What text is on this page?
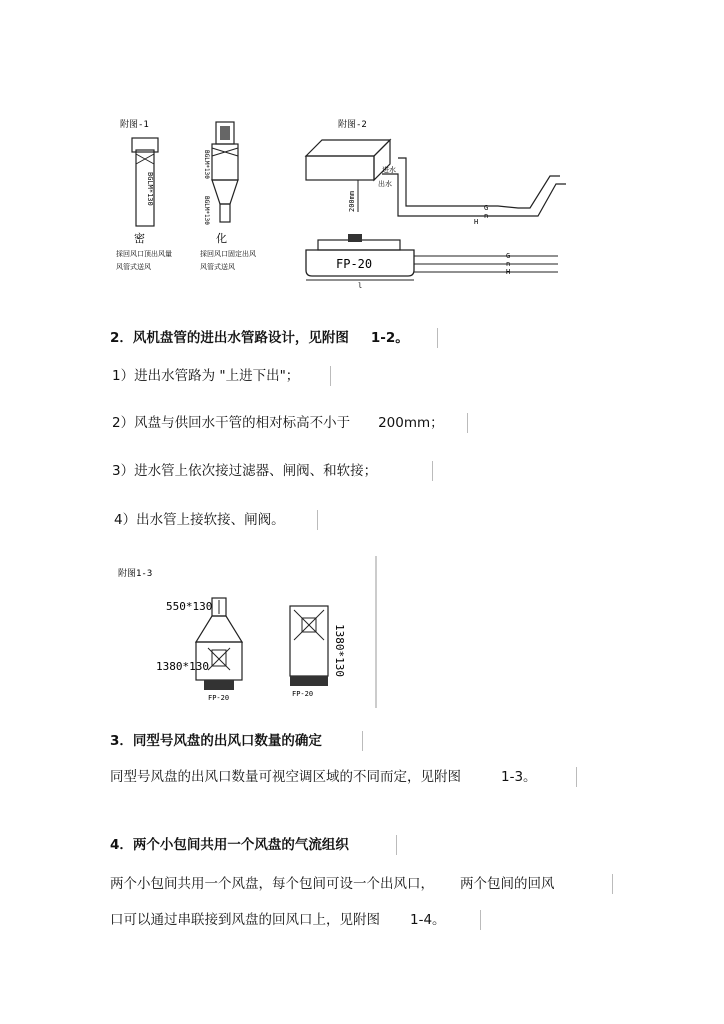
附图-1
BGLM*130
密
採回风口顶出风量
风管式送风
BGLM*130
BGLM*130
化
採回风口固定出风
风管式送风
附图-2
进水
出水
200mm	G
n
H
FP-20
l
G
n
H
2．风机盘管的进出水管路设计，见附图 1-2。
1）进出水管路为 "上进下出"；
2）风盘与供回水干管的相对标高不小于 200mm；
3）进水管上依次接过滤器、闸阀、和软接；
4）出水管上接软接、闸阀。
附图1-3
550*130
1380*130
FP-20	FP-20
1380*130
3．同型号风盘的出风口数量的确定
同型号风盘的出风口数量可视空调区域的不同而定，见附图	1-3。
4．两个小包间共用一个风盘的气流组织
两个小包间共用一个风盘，每个包间可设一个出风口， 两个包间的回风
口可以通过串联接到风盘的回风口上，见附图 1-4。
